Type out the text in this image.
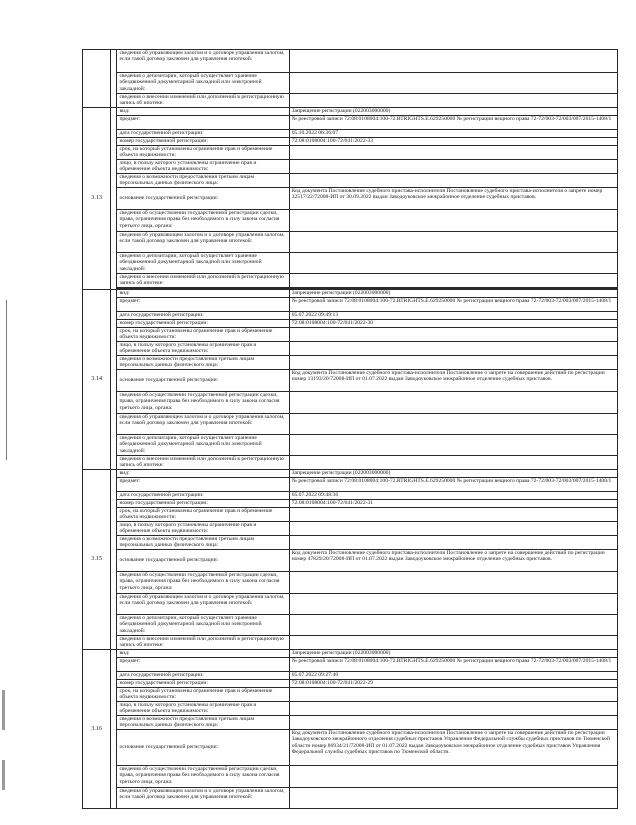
		сведения об управляющем залогом и о договоре управления залогом, если такой договор заключен для управления ипотекой:	
		сведения о депозитарии, который осуществляет хранение обездвиженной документарной закладной или электронной закладной:	
		сведения о внесении изменений или дополнений в регистрационную запись об ипотеке:	
3.13		вид:	Запрещение регистрации (022003000000)
		предмет:	№ реестровой записи 72:08:0108004:100-72.RTRIGHTS.E.629250000 № регистрации вещного права 72-72/003-72/003/007/2015-1408/1
		дата государственной регистрации:	05.10.2022 06:36:07
		номер государственной регистрации:	72:08:0108004:100-72/041/2022-33
		срок, на который установлены ограничение прав и обременение объекта недвижимости:	
		лицо, в пользу которого установлены ограничение прав и обременение объекта недвижимости:	
		сведения о возможности предоставления третьим лицам персональных данных физического лица:	
		основание государственной регистрации:	Код документа Постановление судебного пристава-исполнителя Постановление судебного пристава-исполнителя о запрете номер 32517/22/72008-ИП от 30.09.2022 выдан Заводоуковское межрайонное отделение судебных приставов.
		сведения об осуществлении государственной регистрации сделки, права, ограничения права без необходимого в силу закона согласия третьего лица, органа:	
		сведения об управляющем залогом и о договоре управления залогом, если такой договор заключен для управления ипотекой:	
		сведения о депозитарии, который осуществляет хранение обездвиженной документарной закладной или электронной закладной:	
		сведения о внесении изменений или дополнений в регистрационную запись об ипотеке:	

3.14		вид:	Запрещение регистрации (022003000000)
		предмет:	№ реестровой записи 72:08:0108004:100-72.RTRIGHTS.E.629250000 № регистрации вещного права 72-72/003-72/003/007/2015-1408/1
		дата государственной регистрации:	05.07.2022 09:49:13
		номер государственной регистрации:	72:08:0108004:100-72/041/2022-30
		срок, на который установлены ограничение прав и обременение объекта недвижимости:	
		лицо, в пользу которого установлены ограничение прав и обременение объекта недвижимости:	
		сведения о возможности предоставления третьим лицам персональных данных физического лица:	
		основание государственной регистрации:	Код документа Постановление судебного пристава-исполнителя Постановление о запрете на совершение действий по регистрации номер 13193/20/72008-ИП от 01.07.2022 выдан Заводоуковское межрайонное отделение судебных приставов.
		сведения об осуществлении государственной регистрации сделки, права, ограничения права без необходимого в силу закона согласия третьего лица, органа:	
		сведения об управляющем залогом и о договоре управления залогом, если такой договор заключен для управления ипотекой:	
		сведения о депозитарии, который осуществляет хранение обездвиженной документарной закладной или электронной закладной:	
		сведения о внесении изменений или дополнений в регистрационную запись об ипотеке:	
3.15		вид:	Запрещение регистрации (022003000000)
		предмет:	№ реестровой записи 72:08:0108004:100-72.RTRIGHTS.E.629250000 № регистрации вещного права 72-72/003-72/003/007/2015-1408/1
		дата государственной регистрации:	05.07.2022 09:48:36
		номер государственной регистрации:	72:08:0108004:100-72/041/2022-31
		срок, на который установлены ограничение прав и обременение объекта недвижимости:	
		лицо, в пользу которого установлены ограничение прав и обременение объекта недвижимости:	
		сведения о возможности предоставления третьим лицам персональных данных физического лица:	
		основание государственной регистрации:	Код документа Постановление судебного пристава-исполнителя Постановление о запрете на совершение действий по регистрации номер 47829/20/72008-ИП от 01.07.2022 выдан Заводоуковское межрайонное отделение судебных приставов.
		сведения об осуществлении государственной регистрации сделки, права, ограничения права без необходимого в силу закона согласия третьего лица, органа:	
		сведения об управляющем залогом и о договоре управления залогом, если такой договор заключен для управления ипотекой:	
		сведения о депозитарии, который осуществляет хранение обездвиженной документарной закладной или электронной закладной:	
		сведения о внесении изменений или дополнений в регистрационную запись об ипотеке:	
3.16		вид:	Запрещение регистрации (022003000000)
		предмет:	№ реестровой записи 72:08:0108004:100-72.RTRIGHTS.E.629250000 № регистрации вещного права 72-72/003-72/003/007/2015-1408/1
		дата государственной регистрации:	05.07.2022 09:27:40
		номер государственной регистрации:	72:08:0108004:100-72/041/2022-29
		срок, на который установлены ограничение прав и обременение объекта недвижимости:	
		лицо, в пользу которого установлены ограничение прав и обременение объекта недвижимости:	
		сведения о возможности предоставления третьим лицам персональных данных физического лица:	
		основание государственной регистрации:	Код документа Постановление судебного пристава-исполнителя Постановление о запрете на совершение действий по регистрации Заводоуковского межрайонного отделения судебных приставов Управления Федеральной службы судебных приставов по Тюменской области номер 86934/21/72008-ИП от 01.07.2022 выдан Заводоуковское межрайонное отделение судебных приставов Управления Федеральной службы судебных приставов по Тюменской области.
		сведения об осуществлении государственной регистрации сделки, права, ограничения права без необходимого в силу закона согласия третьего лица, органа:	
		сведения об управляющем залогом и о договоре управления залогом, если такой договор заключен для управления ипотекой:	
